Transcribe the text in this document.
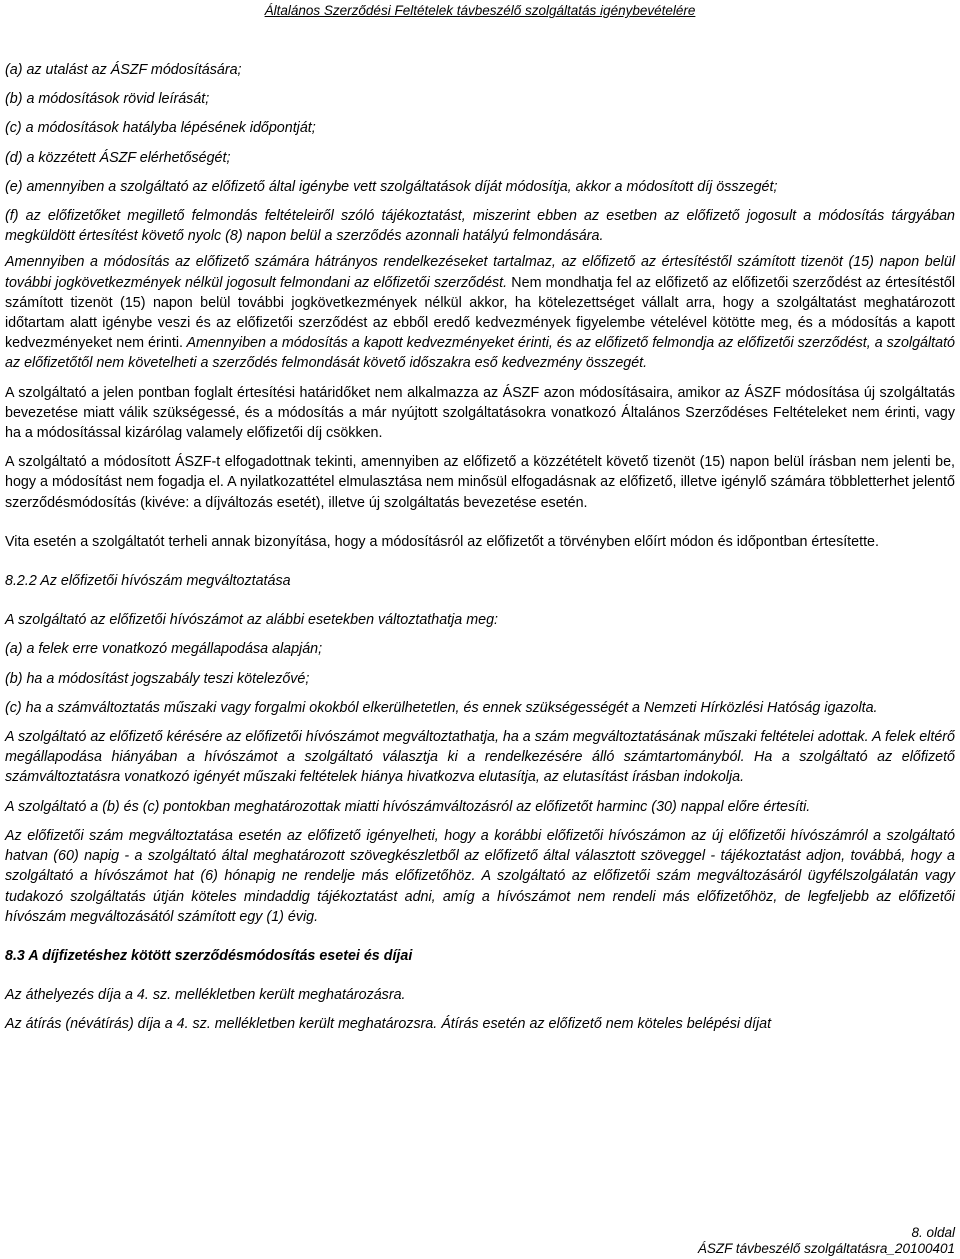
Általános Szerződési Feltételek távbeszélő szolgáltatás igénybevételére

(a) az utalást az ÁSZF módosítására;

(b) a módosítások rövid leírását;

(c) a módosítások hatályba lépésének időpontját;

(d) a közzétett ÁSZF elérhetőségét;

(e) amennyiben a szolgáltató az előfizető által igénybe vett szolgáltatások díját módosítja, akkor a módosított díj összegét;

(f) az előfizetőket megillető felmondás feltételeiről szóló tájékoztatást, miszerint ebben az esetben az előfizető jogosult a módosítás tárgyában megküldött értesítést követő nyolc (8) napon belül a szerződés azonnali hatályú felmondására.

Amennyiben a módosítás az előfizető számára hátrányos rendelkezéseket tartalmaz, az előfizető az értesítéstől számított tizenöt (15) napon belül további jogkövetkezmények nélkül jogosult felmondani az előfizetői szerződést. Nem mondhatja fel az előfizető az előfizetői szerződést az értesítéstől számított tizenöt (15) napon belül további jogkövetkezmények nélkül akkor, ha kötelezettséget vállalt arra, hogy a szolgáltatást meghatározott időtartam alatt igénybe veszi és az előfizetői szerződést az ebből eredő kedvezmények figyelembe vételével kötötte meg, és a módosítás a kapott kedvezményeket nem érinti. Amennyiben a módosítás a kapott kedvezményeket érinti, és az előfizető felmondja az előfizetői szerződést, a szolgáltató az előfizetőtől nem követelheti a szerződés felmondását követő időszakra eső kedvezmény összegét.

A szolgáltató a jelen pontban foglalt értesítési határidőket nem alkalmazza az ÁSZF azon módosításaira, amikor az ÁSZF módosítása új szolgáltatás bevezetése miatt válik szükségessé, és a módosítás a már nyújtott szolgáltatásokra vonatkozó Általános Szerződéses Feltételeket nem érinti, vagy ha a módosítással kizárólag valamely előfizetői díj csökken.

A szolgáltató a módosított ÁSZF-t elfogadottnak tekinti, amennyiben az előfizető a közzétételt követő tizenöt (15) napon belül írásban nem jelenti be, hogy a módosítást nem fogadja el. A nyilatkozattétel elmulasztása nem minősül elfogadásnak az előfizető, illetve igénylő számára többletterhet jelentő szerződésmódosítás (kivéve: a díjváltozás esetét), illetve új szolgáltatás bevezetése esetén.

Vita esetén a szolgáltatót terheli annak bizonyítása, hogy a módosításról az előfizetőt a törvényben előírt módon és időpontban értesítette.

8.2.2 Az előfizetői hívószám megváltoztatása

A szolgáltató az előfizetői hívószámot az alábbi esetekben változtathatja meg:

(a) a felek erre vonatkozó megállapodása alapján;

(b) ha a módosítást jogszabály teszi kötelezővé;

(c) ha a számváltoztatás műszaki vagy forgalmi okokból elkerülhetetlen, és ennek szükségességét a Nemzeti Hírközlési Hatóság igazolta.

A szolgáltató az előfizető kérésére az előfizetői hívószámot megváltoztathatja, ha a szám megváltoztatásának műszaki feltételei adottak. A felek eltérő megállapodása hiányában a hívószámot a szolgáltató választja ki a rendelkezésére álló számtartományból. Ha a szolgáltató az előfizető számváltoztatásra vonatkozó igényét műszaki feltételek hiánya hivatkozva elutasítja, az elutasítást írásban indokolja.

A szolgáltató a (b) és (c) pontokban meghatározottak miatti hívószámváltozásról az előfizetőt harminc (30) nappal előre értesíti.

Az előfizetői szám megváltoztatása esetén az előfizető igényelheti, hogy a korábbi előfizetői hívószámon az új előfizetői hívószámról a szolgáltató hatvan (60) napig - a szolgáltató által meghatározott szövegkészletből az előfizető által választott szöveggel - tájékoztatást adjon, továbbá, hogy a szolgáltató a hívószámot hat (6) hónapig ne rendelje más előfizetőhöz. A szolgáltató az előfizetői szám megváltozásáról ügyfélszolgálatán vagy tudakozó szolgáltatás útján köteles mindaddig tájékoztatást adni, amíg a hívószámot nem rendeli más előfizetőhöz, de legfeljebb az előfizetői hívószám megváltozásától számított egy (1) évig.

8.3 A díjfizetéshez kötött szerződésmódosítás esetei és díjai

Az áthelyezés díja a 4. sz. mellékletben került meghatározásra.

Az átírás (névátírás) díja a 4. sz. mellékletben került meghatározsra. Átírás esetén az előfizető nem köteles belépési díjat

8. oldal
ÁSZF távbeszélő szolgáltatásra_20100401
